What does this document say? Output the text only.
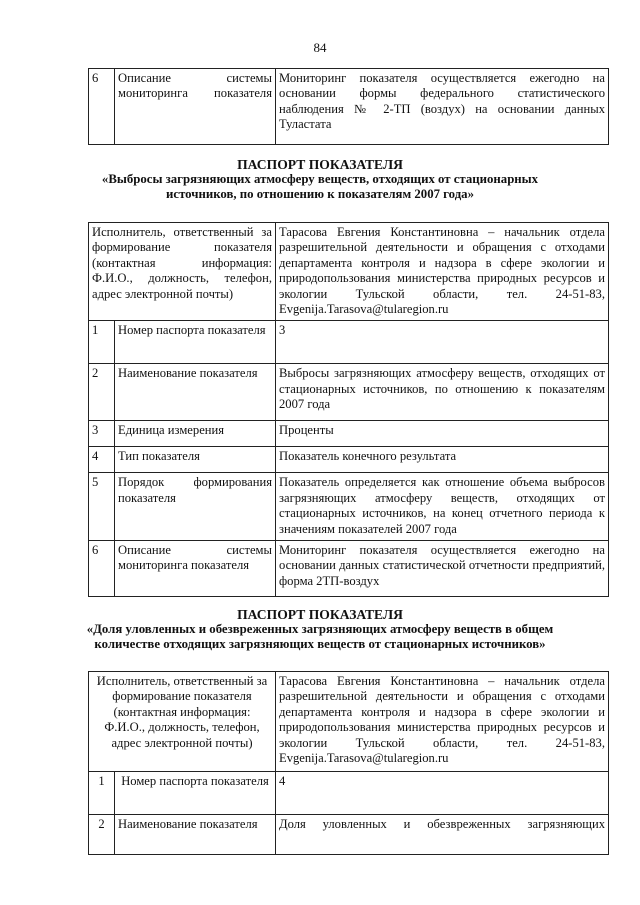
84
6	Описание системы мониторинга показателя	Мониторинг показателя осуществляется ежегодно на основании формы федерального статистического наблюдения № 2-ТП (воздух) на основании данных Туластата
ПАСПОРТ ПОКАЗАТЕЛЯ
«Выбросы загрязняющих атмосферу веществ, отходящих от стационарных
источников, по отношению к показателям 2007 года»
Исполнитель, ответственный за формирование показателя (контактная информация: Ф.И.О., должность, телефон, адрес электронной почты)		Тарасова Евгения Константиновна – начальник отдела разрешительной деятельности и обращения с отходами департамента контроля и надзора в сфере экологии и природопользования министерства природных ресурсов и экологии Тульской области, тел. 24-51-83, Evgenija.Tarasova@tularegion.ru
1	Номер паспорта показателя	3
2	Наименование показателя	Выбросы загрязняющих атмосферу веществ, отходящих от стационарных источников, по отношению к показателям 2007 года
3	Единица измерения	Проценты
4	Тип показателя	Показатель конечного результата
5	Порядок формирования показателя	Показатель определяется как отношение объема выбросов загрязняющих атмосферу веществ, отходящих от стационарных источников, на конец отчетного периода к значениям показателей 2007 года
6	Описание системы мониторинга показателя	Мониторинг показателя осуществляется ежегодно на основании данных статистической отчетности предприятий, форма 2ТП-воздух
ПАСПОРТ ПОКАЗАТЕЛЯ
«Доля уловленных и обезвреженных загрязняющих атмосферу веществ в общем
количестве отходящих загрязняющих веществ от стационарных источников»
Исполнитель, ответственный за формирование показателя (контактная информация: Ф.И.О., должность, телефон, адрес электронной почты)		Тарасова Евгения Константиновна – начальник отдела разрешительной деятельности и обращения с отходами департамента контроля и надзора в сфере экологии и природопользования министерства природных ресурсов и экологии Тульской области, тел. 24-51-83, Evgenija.Tarasova@tularegion.ru
1	Номер паспорта показателя	4
2	Наименование показателя	Доля уловленных и обезвреженных загрязняющих
